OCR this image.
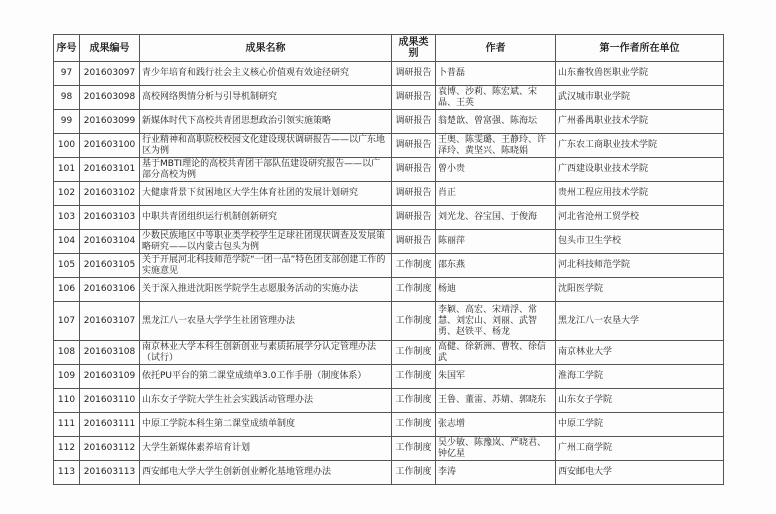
序号	成果编号	成果名称	成果类别	作者	第一作者所在单位
97	201603097	青少年培育和践行社会主义核心价值观有效途径研究	调研报告	卜普磊	山东畜牧兽医职业学院
98	201603098	高校网络舆情分析与引导机制研究	调研报告	袁博、沙莉、陈宏斌、宋晶、王英	武汉城市职业学院
99	201603099	新媒体时代下高校共青团思想政治引领实施策略	调研报告	翁楚歆、曾富强、陈海坛	广州番禺职业技术学院
100	201603100	行业精神和高职院校校园文化建设现状调研报告——以广东地区为例	调研报告	王奥、陈雯璐、王静玲、许泽玲、黄坚兴、陈晓娟	广东农工商职业技术学院
101	201603101	基于MBTI理论的高校共青团干部队伍建设研究报告——以广部分高校为例	调研报告	曾小贵	广西建设职业技术学院
102	201603102	大健康背景下贫困地区大学生体育社团的发展计划研究	调研报告	肖正	贵州工程应用技术学院
103	201603103	中职共青团组织运行机制创新研究	调研报告	刘光龙、谷宝国、于俊海	河北省沧州工贸学校
104	201603104	少数民族地区中等职业类学校学生足球社团现状调查及发展策略研究——以内蒙古包头为例	调研报告	陈丽萍	包头市卫生学校
105	201603105	关于开展河北科技师范学院“一团一品”特色团支部创建工作的实施意见	工作制度	邵东燕	河北科技师范学院
106	201603106	关于深入推进沈阳医学院学生志愿服务活动的实施办法	工作制度	杨迪	沈阳医学院
107	201603107	黑龙江八一农垦大学学生社团管理办法	工作制度	李颖、高宏、宋靖浮、常慧、刘宏山、刘丽、武智勇、赵铁平、杨龙	黑龙江八一农垦大学
108	201603108	南京林业大学本科生创新创业与素质拓展学分认定管理办法（试行）	工作制度	高健、徐新洲、曹牧、徐信武	南京林业大学
109	201603109	依托PU平台的第二课堂成绩单3.0工作手册（制度体系）	工作制度	朱国军	淮海工学院
110	201603110	山东女子学院大学生社会实践活动管理办法	工作制度	王鲁、董雷、苏婧、郭晓东	山东女子学院
111	201603111	中原工学院本科生第二课堂成绩单制度	工作制度	张志增	中原工学院
112	201603112	大学生新媒体素养培育计划	工作制度	吴少敏、陈豫岚、严晓君、钟亿星	广州工商学院
113	201603113	西安邮电大学大学生创新创业孵化基地管理办法	工作制度	李涛	西安邮电大学
